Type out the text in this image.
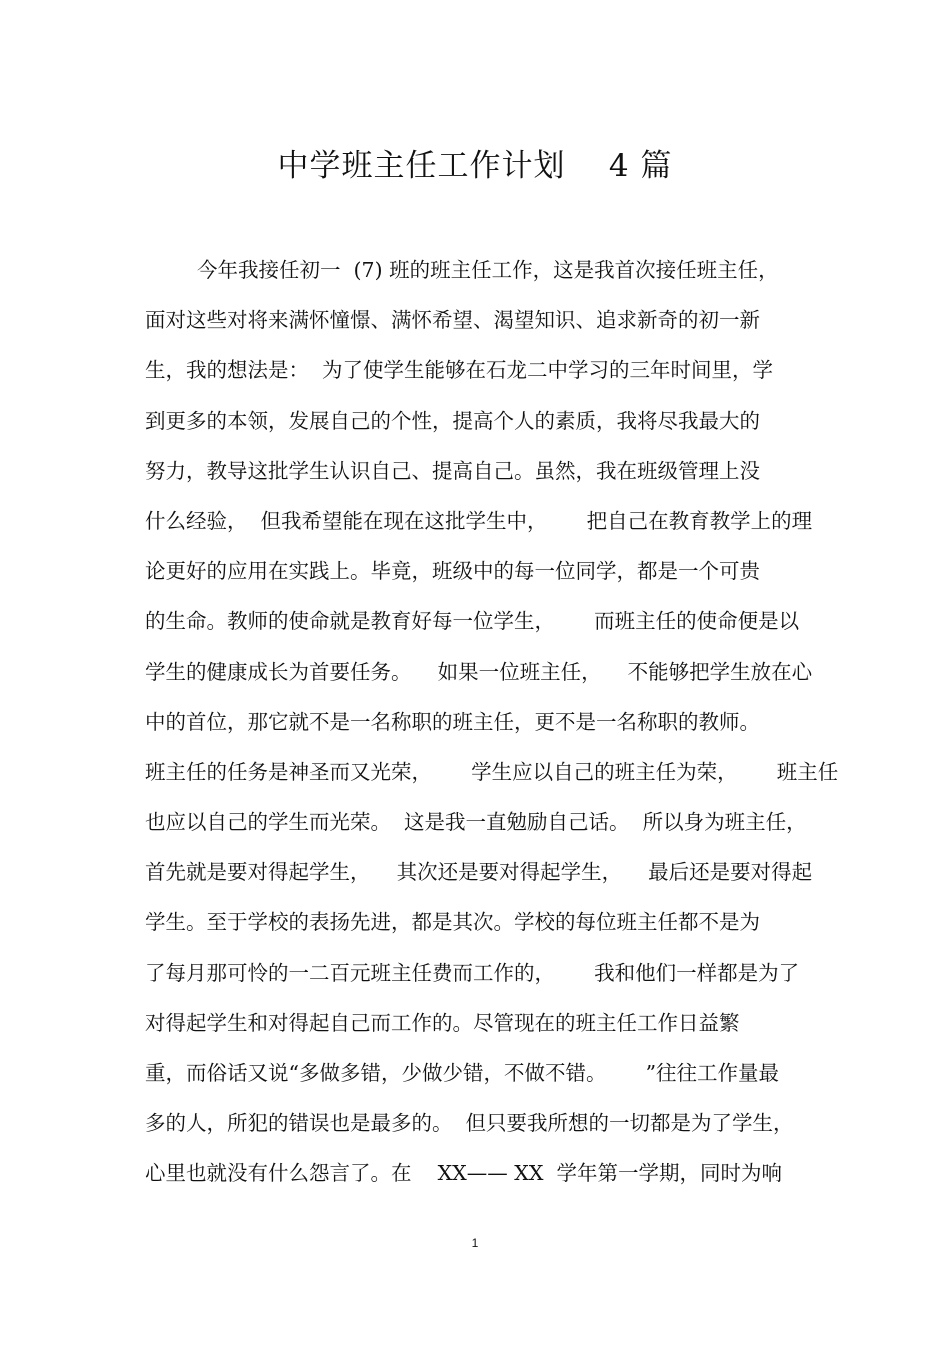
中学班主任工作计划    4 篇
今年我接任初一  (7) 班的班主任工作，这是我首次接任班主任，
面对这些对将来满怀憧憬、满怀希望、渴望知识、追求新奇的初一新
生，我的想法是：  为了使学生能够在石龙二中学习的三年时间里，学
到更多的本领，发展自己的个性，提高个人的素质，我将尽我最大的
努力，教导这批学生认识自己、提高自己。虽然，我在班级管理上没
什么经验，  但我希望能在现在这批学生中，      把自己在教育教学上的理
论更好的应用在实践上。毕竟，班级中的每一位同学，都是一个可贵
的生命。教师的使命就是教育好每一位学生，      而班主任的使命便是以
学生的健康成长为首要任务。    如果一位班主任，    不能够把学生放在心
中的首位，那它就不是一名称职的班主任，更不是一名称职的教师。
班主任的任务是神圣而又光荣，      学生应以自己的班主任为荣，      班主任
也应以自己的学生而光荣。  这是我一直勉励自己话。  所以身为班主任，
首先就是要对得起学生，    其次还是要对得起学生，    最后还是要对得起
学生。至于学校的表扬先进，都是其次。学校的每位班主任都不是为
了每月那可怜的一二百元班主任费而工作的，      我和他们一样都是为了
对得起学生和对得起自己而工作的。尽管现在的班主任工作日益繁
重，而俗话又说“多做多错，少做少错，不做不错。      ”往往工作量最
多的人，所犯的错误也是最多的。  但只要我所想的一切都是为了学生，
心里也就没有什么怨言了。在    XX—— XX  学年第一学期，同时为响
1
